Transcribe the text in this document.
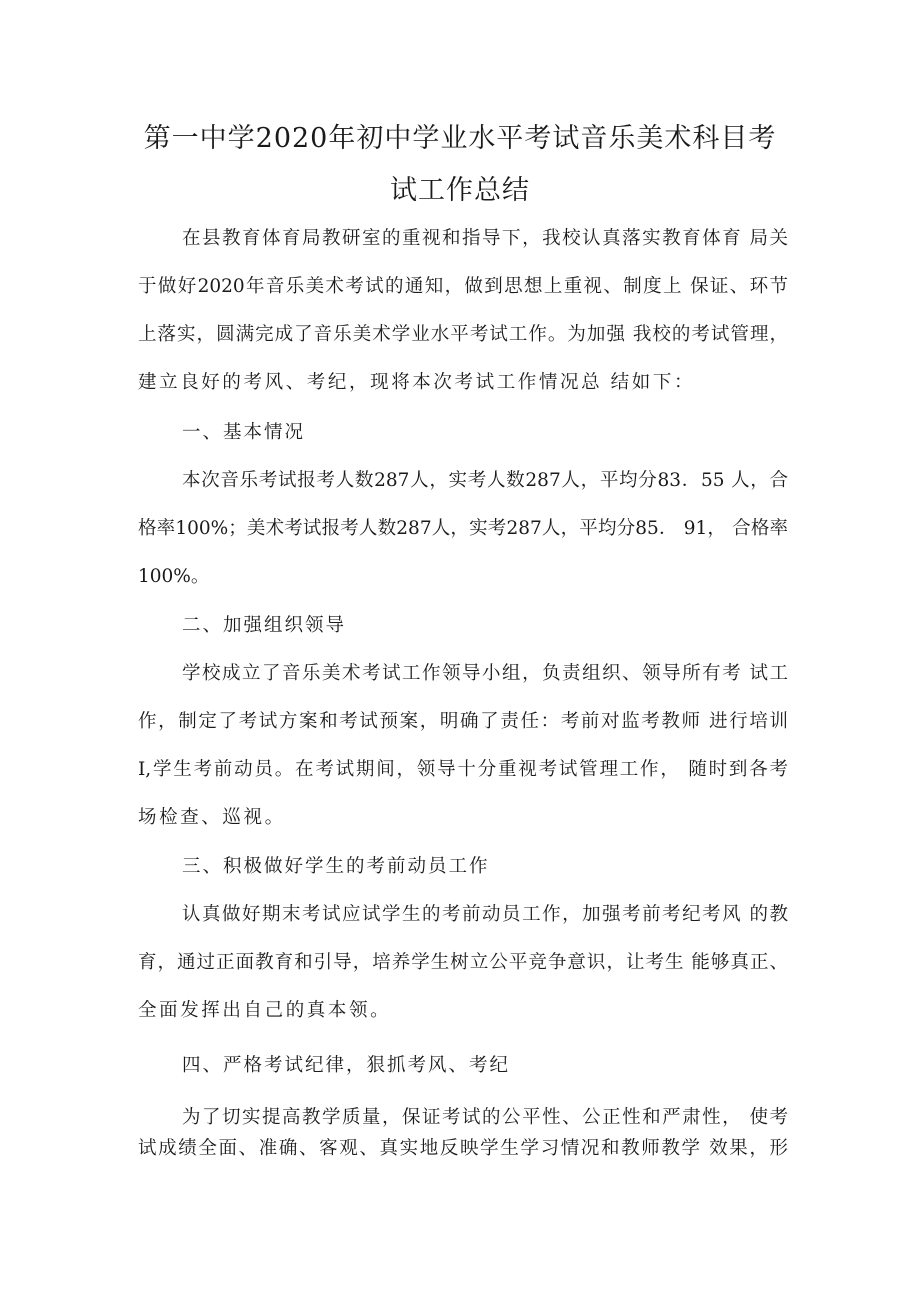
第一中学2020年初中学业水平考试音乐美术科目考
试工作总结
在县教育体育局教研室的重视和指导下，我校认真落实教育体育 局关
于做好2020年音乐美术考试的通知，做到思想上重视、制度上 保证、环节
上落实，圆满完成了音乐美术学业水平考试工作。为加强 我校的考试管理，
建立良好的考风、考纪，现将本次考试工作情况总 结如下：
一、基本情况
本次音乐考试报考人数287人，实考人数287人，平均分83．55 人，合
格率100%；美术考试报考人数287人，实考287人，平均分85． 91， 合格率
100%。
二、加强组织领导
学校成立了音乐美术考试工作领导小组，负责组织、领导所有考 试工
作，制定了考试方案和考试预案，明确了责任：考前对监考教师 进行培训
I,学生考前动员。在考试期间，领导十分重视考试管理工作， 随时到各考
场检查、巡视。
三、积极做好学生的考前动员工作
认真做好期末考试应试学生的考前动员工作，加强考前考纪考风 的教
育，通过正面教育和引导，培养学生树立公平竞争意识，让考生 能够真正、
全面发挥出自己的真本领。
四、严格考试纪律，狠抓考风、考纪
为了切实提高教学质量，保证考试的公平性、公正性和严肃性， 使考
试成绩全面、准确、客观、真实地反映学生学习情况和教师教学 效果，形
